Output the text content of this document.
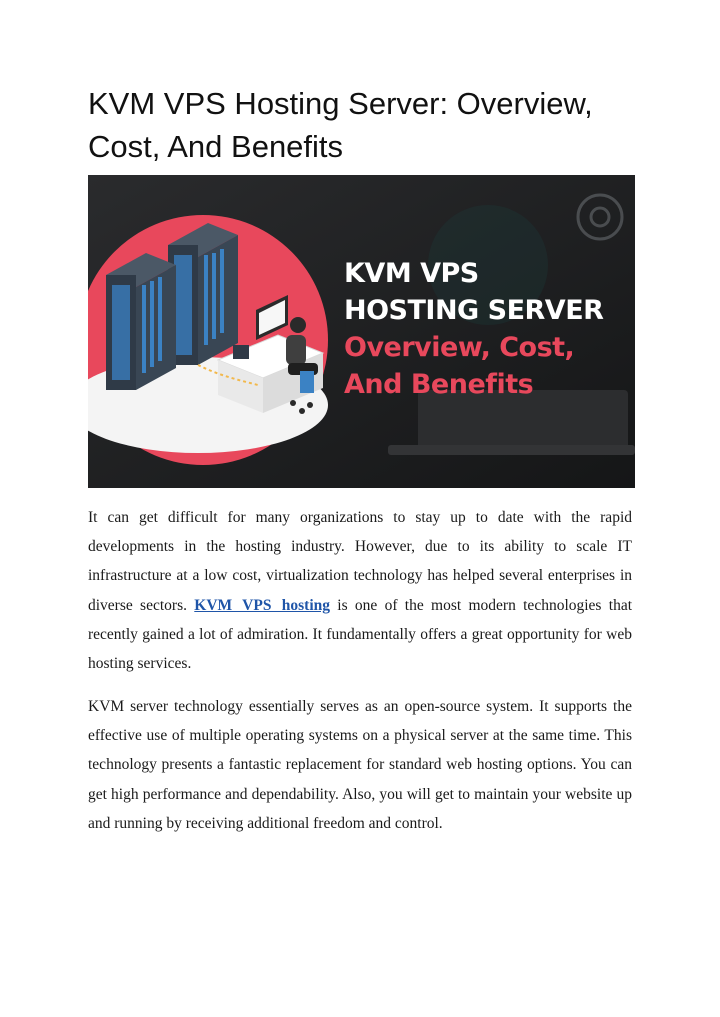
KVM VPS Hosting Server: Overview, Cost, And Benefits
KVM VPS
HOSTING SERVER
Overview, Cost,
And Benefits

It can get difficult for many organizations to stay up to date with the rapid developments in the hosting industry. However, due to its ability to scale IT infrastructure at a low cost, virtualization technology has helped several enterprises in diverse sectors. KVM VPS hosting is one of the most modern technologies that recently gained a lot of admiration. It fundamentally offers a great opportunity for web hosting services.

KVM server technology essentially serves as an open-source system. It supports the effective use of multiple operating systems on a physical server at the same time. This technology presents a fantastic replacement for standard web hosting options. You can get high performance and dependability. Also, you will get to maintain your website up and running by receiving additional freedom and control.
